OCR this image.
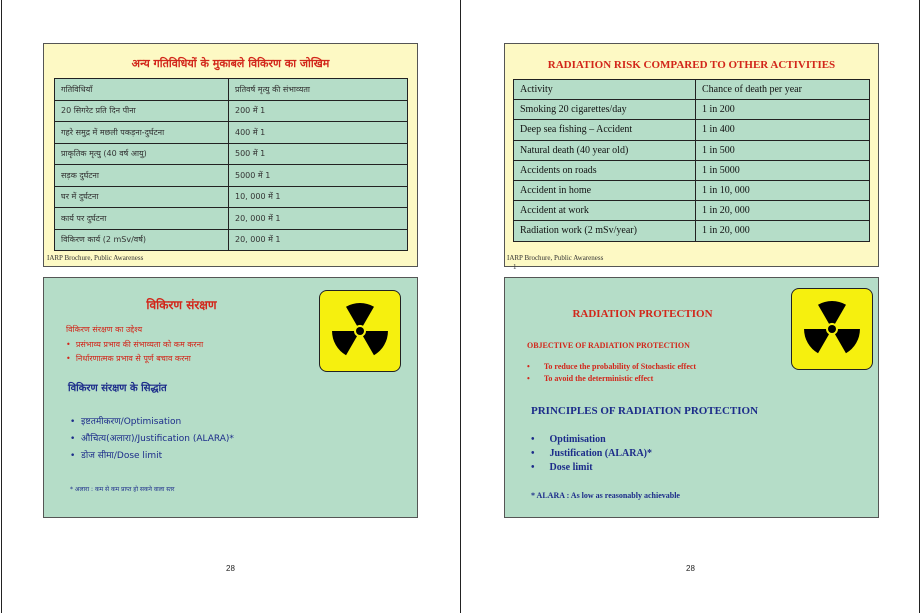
अन्य गतिविधियों के मुकाबले विकिरण का जोखिम
गतिविधियाँ	प्रतिवर्ष मृत्यु की संभाव्यता
20 सिगरेट प्रति दिन पीना	200 में 1
गहरे समुद्र में मछली पकड़ना-दुर्घटना	400 में 1
प्राकृतिक मृत्यु (40 वर्ष आयु)	500 में 1
सड़क दुर्घटना	5000 में 1
घर में दुर्घटना	10, 000 में 1
कार्य पर दुर्घटना	20, 000 में 1
विकिरण कार्य (2 mSv/वर्ष)	20, 000 में 1
IARP Brochure, Public Awareness
RADIATION RISK COMPARED TO OTHER ACTIVITIES
Activity	Chance of death per year
Smoking 20 cigarettes/day	1 in 200
Deep sea fishing – Accident	1 in 400
Natural death (40 year old)	1 in 500
Accidents on roads	1 in 5000
Accident in home	1 in 10, 000
Accident at work	1 in 20, 000
Radiation work (2 mSv/year)	1 in 20, 000
IARP Brochure, Public Awareness
1
विकिरण संरक्षण
विकिरण संरक्षण का उद्देश्य
• प्रसंभाव्य प्रभाव की संभाव्यता को कम करना
• निर्धारणात्मक प्रभाव से पूर्ण बचाव करना
विकिरण संरक्षण के सिद्धांत
• इष्टतमीकरण/Optimisation
• औचित्य(अलारा)/Justification (ALARA)*
• डोज सीमा/Dose limit
* अलारा : कम से कम प्राप्त हो सकने वाला स्तर
RADIATION PROTECTION
OBJECTIVE OF RADIATION PROTECTION
• To reduce the probability of Stochastic effect
• To avoid the deterministic effect
PRINCIPLES OF RADIATION PROTECTION
• Optimisation
• Justification (ALARA)*
• Dose limit
* ALARA : As low as reasonably achievable
28	28
